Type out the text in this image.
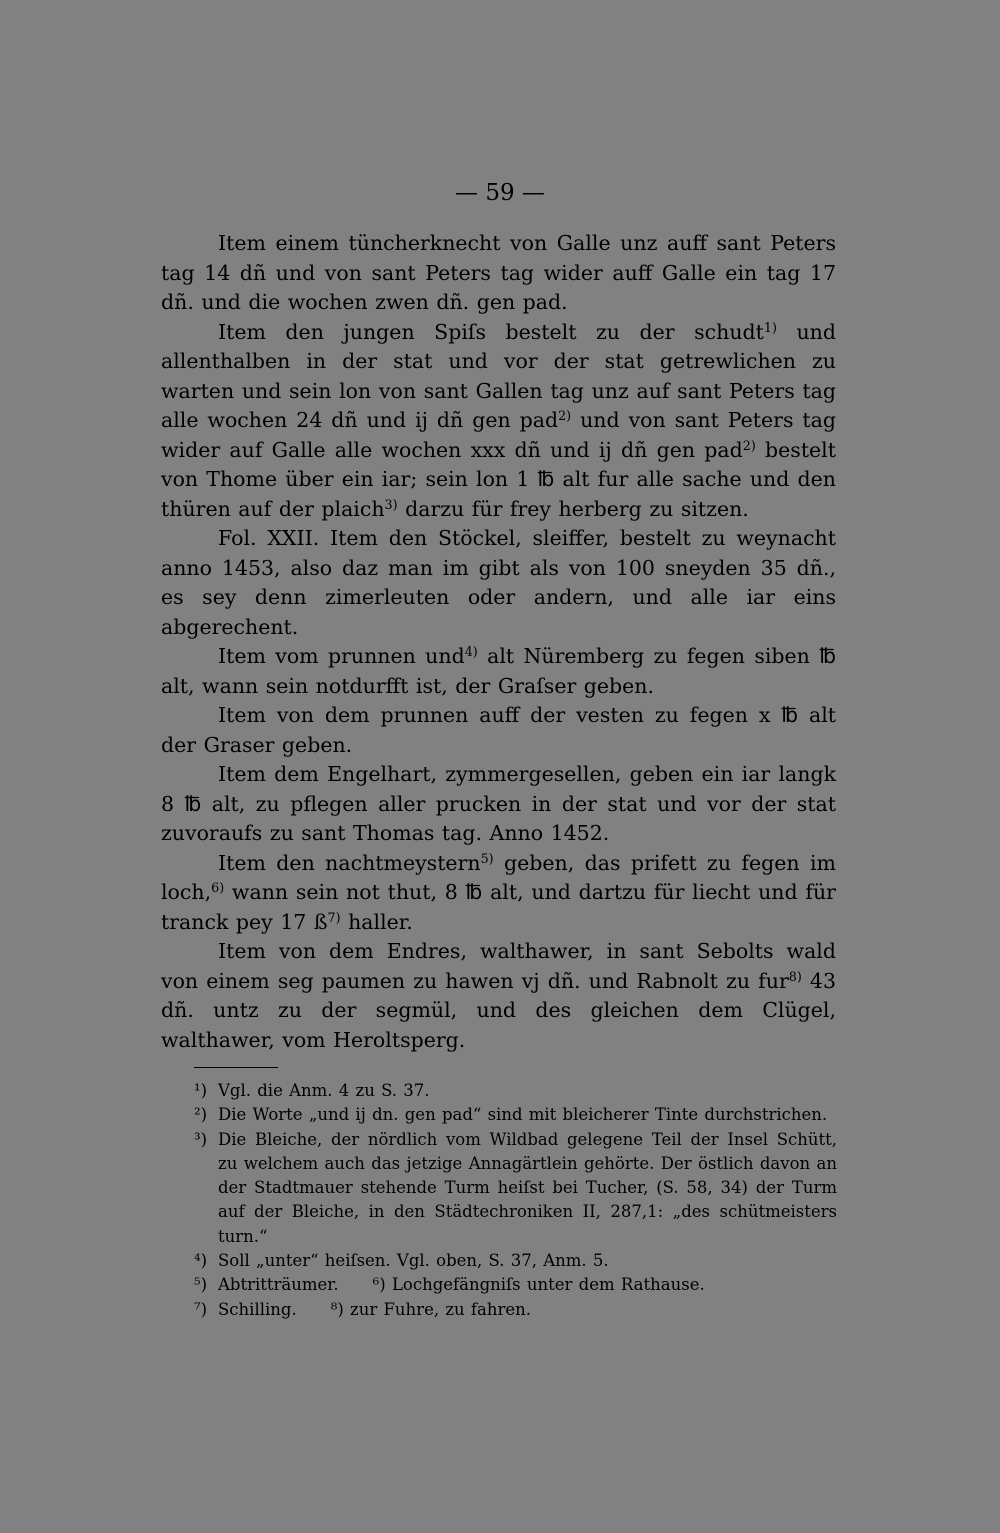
— 59 —

Item einem tüncherknecht von Galle unz auff sant Peters tag 14 dñ und von sant Peters tag wider auff Galle ein tag 17 dñ. und die wochen zwen dñ. gen pad.

Item den jungen Spiſs bestelt zu der schudt$^{1)}$ und allenthalben in der stat und vor der stat getrewlichen zu warten und sein lon von sant Gallen tag unz auf sant Peters tag alle wochen 24 dñ und ij dñ gen pad$^{2)}$ und von sant Peters tag wider auf Galle alle wochen xxx dñ und ij dñ gen pad$^{2)}$ bestelt von Thome über ein iar; sein lon 1 ℔ alt fur alle sache und den thüren auf der plaich$^{3)}$ darzu für frey herberg zu sitzen.

Fol. XXII. Item den Stöckel, sleiffer, bestelt zu weynacht anno 1453, also daz man im gibt als von 100 sneyden 35 dñ., es sey denn zimerleuten oder andern, und alle iar eins abgerechent.

Item vom prunnen und$^{4)}$ alt Nüremberg zu fegen siben ℔ alt, wann sein notdurfft ist, der Graſser geben.

Item von dem prunnen auff der vesten zu fegen x ℔ alt der Graser geben.

Item dem Engelhart, zymmergesellen, geben ein iar langk 8 ℔ alt, zu pflegen aller prucken in der stat und vor der stat zuvoraufs zu sant Thomas tag. Anno 1452.

Item den nachtmeystern$^{5)}$ geben, das prifett zu fegen im loch,$^{6)}$ wann sein not thut, 8 ℔ alt, und dartzu für liecht und für tranck pey 17 $ß^{7)}$ haller.

Item von dem Endres, walthawer, in sant Sebolts wald von einem seg paumen zu hawen vj dñ. und Rabnolt zu fur$^{8)}$ 43 dñ. untz zu der segmül, und des gleichen dem Clügel, walthawer, vom Heroltsperg.

¹) Vgl. die Anm. 4 zu S. 37.
²) Die Worte „und ij dn. gen pad“ sind mit bleicherer Tinte durchstrichen.
³) Die Bleiche, der nördlich vom Wildbad gelegene Teil der Insel Schütt, zu welchem auch das jetzige Annagärtlein gehörte. Der östlich davon an der Stadtmauer stehende Turm heiſst bei Tucher, (S. 58, 34) der Turm auf der Bleiche, in den Städtechroniken II, 287,1: „des schütmeisters turn.“
⁴) Soll „unter“ heiſsen. Vgl. oben, S. 37, Anm. 5.
⁵) Abtritträumer. ⁶) Lochgefängniſs unter dem Rathause.
⁷) Schilling. ⁸) zur Fuhre, zu fahren.
